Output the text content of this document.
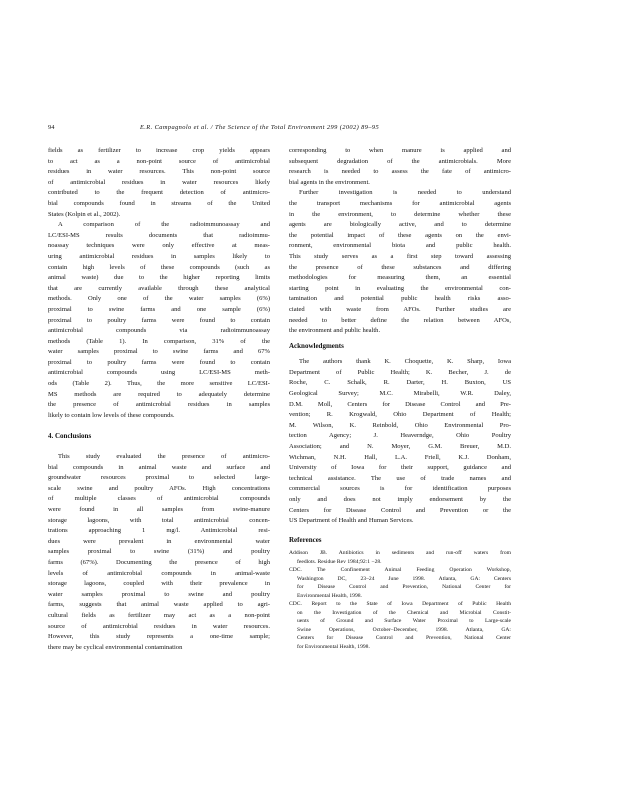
94	E.R. Campagnolo et al. / The Science of the Total Environment 299 (2002) 89–95
fields as fertilizer to increase crop yields appears
to act as a non-point source of antimicrobial
residues in water resources. This non-point source
of antimicrobial residues in water resources likely
contributed to the frequent detection of antimicro-
bial compounds found in streams of the United
States (Kolpin et al., 2002).
A comparison of the radioimmunoassay and
LC/ESI-MS results documents that radioimmu-
noassay techniques were only effective at meas-
uring antimicrobial residues in samples likely to
contain high levels of these compounds (such as
animal waste) due to the higher reporting limits
that are currently available through these analytical
methods. Only one of the water samples (6%)
proximal to swine farms and one sample (6%)
proximal to poultry farms were found to contain
antimicrobial compounds via radioimmunoassay
methods (Table 1). In comparison, 31% of the
water samples proximal to swine farms and 67%
proximal to poultry farms were found to contain
antimicrobial compounds using LC/ESI-MS meth-
ods (Table 2). Thus, the more sensitive LC/ESI-
MS methods are required to adequately determine
the presence of antimicrobial residues in samples
likely to contain low levels of these compounds.
4. Conclusions
This study evaluated the presence of antimicro-
bial compounds in animal waste and surface and
groundwater resources proximal to selected large-
scale swine and poultry AFOs. High concentrations
of multiple classes of antimicrobial compounds
were found in all samples from swine-manure
storage lagoons, with total antimicrobial concen-
trations approaching 1 mg/l. Antimicrobial resi-
dues were prevalent in environmental water
samples proximal to swine (31%) and poultry
farms (67%). Documenting the presence of high
levels of antimicrobial compounds in animal-waste
storage lagoons, coupled with their prevalence in
water samples proximal to swine and poultry
farms, suggests that animal waste applied to agri-
cultural fields as fertilizer may act as a non-point
source of antimicrobial residues in water resources.
However, this study represents a one-time sample;
there may be cyclical environmental contamination
corresponding to when manure is applied and
subsequent degradation of the antimicrobials. More
research is needed to assess the fate of antimicro-
bial agents in the environment.
Further investigation is needed to understand
the transport mechanisms for antimicrobial agents
in the environment, to determine whether these
agents are biologically active, and to determine
the potential impact of these agents on the envi-
ronment, environmental biota and public health.
This study serves as a first step toward assessing
the presence of these substances and differing
methodologies for measuring them, an essential
starting point in evaluating the environmental con-
tamination and potential public health risks asso-
ciated with waste from AFOs. Further studies are
needed to better define the relation between AFOs,
the environment and public health.
Acknowledgments
The authors thank K. Choquette, K. Sharp, Iowa
Department of Public Health; K. Becher, J. de
Roche, C. Schalk, R. Darter, H. Buxton, US
Geological Survey; M.C. Mirabelli, W.R. Daley,
D.M. Moll, Centers for Disease Control and Pre-
vention; R. Krogwald, Ohio Department of Health;
M. Wilson, K. Reinbold, Ohio Environmental Pro-
tection Agency; J. Heaverndge, Ohio Poultry
Association; and N. Moyer, G.M. Breuer, M.D.
Wichman, N.H. Hall, L.A. Friell, K.J. Donham,
University of Iowa for their support, guidance and
technical assistance. The use of trade names and
commercial sources is for identification purposes
only and does not imply endorsement by the
Centers for Disease Control and Prevention or the
US Department of Health and Human Services.
References
Addison JB. Antibiotics in sediments and run-off waters from
feedlots. Residue Rev 1984;92:1 −28.
CDC. The Confinement Animal Feeding Operation Workshop,
Washington DC, 23–24 June 1998. Atlanta, GA: Centers
for Disease Control and Prevention, National Center for
Environmental Health, 1998.
CDC. Report to the State of Iowa Department of Public Health
on the Investigation of the Chemical and Microbial Constit-
uents of Ground and Surface Water Proximal to Large-scale
Swine Operations, October–December, 1998. Atlanta, GA:
Centers for Disease Control and Prevention, National Center
for Environmental Health, 1998.
